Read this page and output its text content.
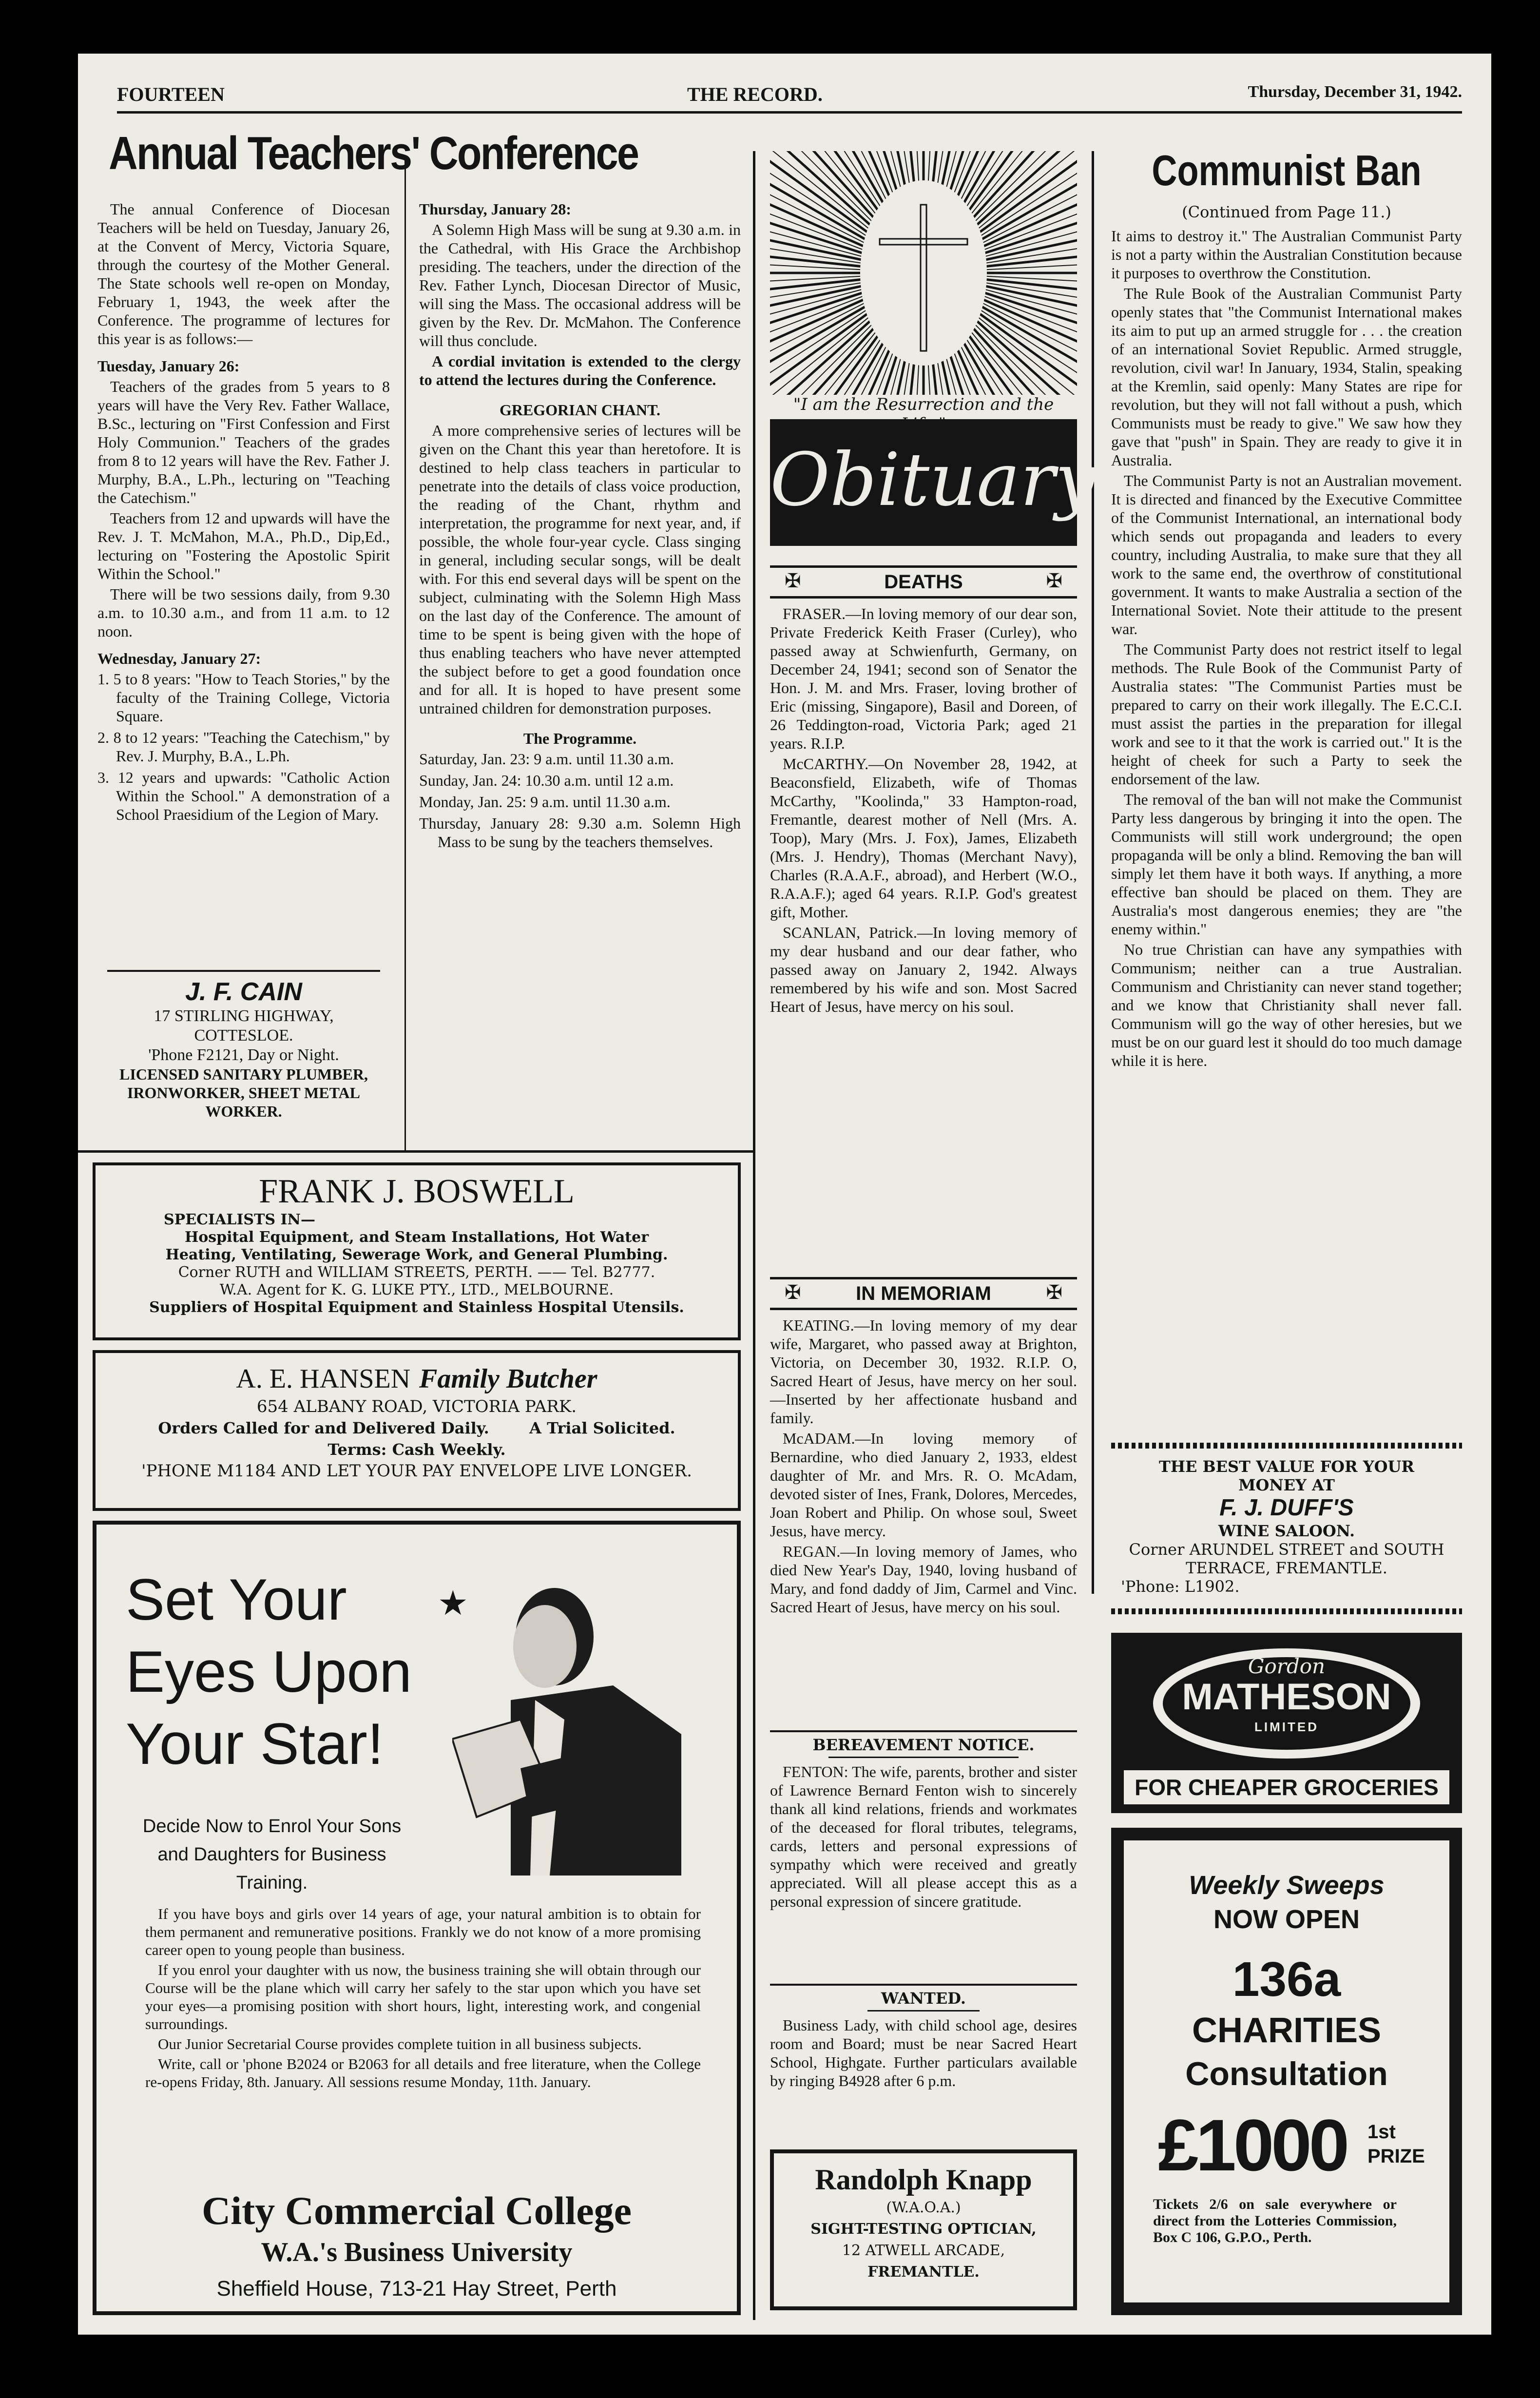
FOURTEEN	THE RECORD.	Thursday, December 31, 1942.
Annual Teachers' Conference

The annual Conference of Diocesan Teachers will be held on Tuesday, January 26, at the Convent of Mercy, Victoria Square, through the courtesy of the Mother General. The State schools well re-open on Monday, February 1, 1943, the week after the Conference. The programme of lectures for this year is as follows:—

Tuesday, January 26:

Teachers of the grades from 5 years to 8 years will have the Very Rev. Father Wallace, B.Sc., lecturing on "First Confession and First Holy Communion." Teachers of the grades from 8 to 12 years will have the Rev. Father J. Murphy, B.A., L.Ph., lecturing on "Teaching the Catechism."

Teachers from 12 and upwards will have the Rev. J. T. McMahon, M.A., Ph.D., Dip,Ed., lecturing on "Fostering the Apostolic Spirit Within the School."

There will be two sessions daily, from 9.30 a.m. to 10.30 a.m., and from 11 a.m. to 12 noon.

Wednesday, January 27:

1. 5 to 8 years: "How to Teach Stories," by the faculty of the Training College, Victoria Square.
2. 8 to 12 years: "Teaching the Catechism," by Rev. J. Murphy, B.A., L.Ph.
3. 12 years and upwards: "Catholic Action Within the School." A demonstration of a School Praesidium of the Legion of Mary.

Thursday, January 28:

A Solemn High Mass will be sung at 9.30 a.m. in the Cathedral, with His Grace the Archbishop presiding. The teachers, under the direction of the Rev. Father Lynch, Diocesan Director of Music, will sing the Mass. The occasional address will be given by the Rev. Dr. McMahon. The Conference will thus conclude.

A cordial invitation is extended to the clergy to attend the lectures during the Conference.

GREGORIAN CHANT.

A more comprehensive series of lectures will be given on the Chant this year than heretofore. It is destined to help class teachers in particular to penetrate into the details of class voice production, the reading of the Chant, rhythm and interpretation, the programme for next year, and, if possible, the whole four-year cycle. Class singing in general, including secular songs, will be dealt with. For this end several days will be spent on the subject, culminating with the Solemn High Mass on the last day of the Conference. The amount of time to be spent is being given with the hope of thus enabling teachers who have never attempted the subject before to get a good foundation once and for all. It is hoped to have present some untrained children for demonstration purposes.

The Programme.

Saturday, Jan. 23: 9 a.m. until 11.30 a.m.
Sunday, Jan. 24: 10.30 a.m. until 12 a.m.
Monday, Jan. 25: 9 a.m. until 11.30 a.m.
Thursday, January 28: 9.30 a.m. Solemn High Mass to be sung by the teachers themselves.
J. F. CAIN
17 STIRLING HIGHWAY,
COTTESLOE.
'Phone F2121, Day or Night.
LICENSED SANITARY PLUMBER, IRONWORKER, SHEET METAL WORKER.
FRANK J. BOSWELL
SPECIALISTS IN—
Hospital Equipment, and Steam Installations, Hot Water Heating, Ventilating, Sewerage Work, and General Plumbing.
Corner RUTH and WILLIAM STREETS, PERTH. —— Tel. B2777.
W.A. Agent for K. G. LUKE PTY., LTD., MELBOURNE.
Suppliers of Hospital Equipment and Stainless Hospital Utensils.
A. E. HANSEN Family Butcher
654 ALBANY ROAD, VICTORIA PARK.
Orders Called for and Delivered Daily.	A Trial Solicited.
Terms: Cash Weekly.
'PHONE M1184 AND LET YOUR PAY ENVELOPE LIVE LONGER.
Set Your
Eyes Upon
Your Star!
★
Decide Now to Enrol Your Sons and Daughters for Business Training.

If you have boys and girls over 14 years of age, your natural ambition is to obtain for them permanent and remunerative positions. Frankly we do not know of a more promising career open to young people than business.

If you enrol your daughter with us now, the business training she will obtain through our Course will be the plane which will carry her safely to the star upon which you have set your eyes—a promising position with short hours, light, interesting work, and congenial surroundings.

Our Junior Secretarial Course provides complete tuition in all business subjects.

Write, call or 'phone B2024 or B2063 for all details and free literature, when the College re-opens Friday, 8th. January. All sessions resume Monday, 11th. January.

City Commercial College
W.A.'s Business University
Sheffield House, 713-21 Hay Street, Perth
"I am the Resurrection and the
Obituary
✠	DEATHS	✠

FRASER.—In loving memory of our dear son, Private Frederick Keith Fraser (Curley), who passed away at Schwienfurth, Germany, on December 24, 1941; second son of Senator the Hon. J. M. and Mrs. Fraser, loving brother of Eric (missing, Singapore), Basil and Doreen, of 26 Teddington-road, Victoria Park; aged 21 years. R.I.P.

McCARTHY.—On November 28, 1942, at Beaconsfield, Elizabeth, wife of Thomas McCarthy, "Koolinda," 33 Hampton-road, Fremantle, dearest mother of Nell (Mrs. A. Toop), Mary (Mrs. J. Fox), James, Elizabeth (Mrs. J. Hendry), Thomas (Merchant Navy), Charles (R.A.A.F., abroad), and Herbert (W.O., R.A.A.F.); aged 64 years. R.I.P. God's greatest gift, Mother.

SCANLAN, Patrick.—In loving memory of my dear husband and our dear father, who passed away on January 2, 1942. Always remembered by his wife and son. Most Sacred Heart of Jesus, have mercy on his soul.

✠	IN MEMORIAM	✠

KEATING.—In loving memory of my dear wife, Margaret, who passed away at Brighton, Victoria, on December 30, 1932. R.I.P. O, Sacred Heart of Jesus, have mercy on her soul. —Inserted by her affectionate husband and family.

McADAM.—In loving memory of Bernardine, who died January 2, 1933, eldest daughter of Mr. and Mrs. R. O. McAdam, devoted sister of Ines, Frank, Dolores, Mercedes, Joan Robert and Philip. On whose soul, Sweet Jesus, have mercy.

REGAN.—In loving memory of James, who died New Year's Day, 1940, loving husband of Mary, and fond daddy of Jim, Carmel and Vinc. Sacred Heart of Jesus, have mercy on his soul.

BEREAVEMENT NOTICE.

FENTON: The wife, parents, brother and sister of Lawrence Bernard Fenton wish to sincerely thank all kind relations, friends and workmates of the deceased for floral tributes, telegrams, cards, letters and personal expressions of sympathy which were received and greatly appreciated. Will all please accept this as a personal expression of sincere gratitude.

WANTED.

Business Lady, with child school age, desires room and Board; must be near Sacred Heart School, Highgate. Further particulars available by ringing B4928 after 6 p.m.

Randolph Knapp
(W.A.O.A.)
SIGHT-TESTING OPTICIAN,
12 ATWELL ARCADE,
FREMANTLE.
Communist Ban
(Continued from Page 11.)

It aims to destroy it." The Australian Communist Party is not a party within the Australian Constitution because it purposes to overthrow the Constitution.

The Rule Book of the Australian Communist Party openly states that "the Communist International makes its aim to put up an armed struggle for . . . the creation of an international Soviet Republic. Armed struggle, revolution, civil war! In January, 1934, Stalin, speaking at the Kremlin, said openly: Many States are ripe for revolution, but they will not fall without a push, which Communists must be ready to give." We saw how they gave that "push" in Spain. They are ready to give it in Australia.

The Communist Party is not an Australian movement. It is directed and financed by the Executive Committee of the Communist International, an international body which sends out propaganda and leaders to every country, including Australia, to make sure that they all work to the same end, the overthrow of constitutional government. It wants to make Australia a section of the International Soviet. Note their attitude to the present war.

The Communist Party does not restrict itself to legal methods. The Rule Book of the Communist Party of Australia states: "The Communist Parties must be prepared to carry on their work illegally. The E.C.C.I. must assist the parties in the preparation for illegal work and see to it that the work is carried out." It is the height of cheek for such a Party to seek the endorsement of the law.

The removal of the ban will not make the Communist Party less dangerous by bringing it into the open. The Communists will still work underground; the open propaganda will be only a blind. Removing the ban will simply let them have it both ways. If anything, a more effective ban should be placed on them. They are Australia's most dangerous enemies; they are "the enemy within."

No true Christian can have any sympathies with Communism; neither can a true Australian. Communism and Christianity can never stand together; and we know that Christianity shall never fall. Communism will go the way of other heresies, but we must be on our guard lest it should do too much damage while it is here.

THE BEST VALUE FOR YOUR MONEY AT
F. J. DUFF'S
WINE SALOON.
Corner ARUNDEL STREET and SOUTH TERRACE, FREMANTLE.
'Phone: L1902.
Gordon
MATHESON
LIMITED
FOR CHEAPER GROCERIES
Weekly Sweeps
NOW OPEN
136a
CHARITIES
Consultation
£1000 1st
PRIZE
Tickets 2/6 on sale everywhere or direct from the Lotteries Commission, Box C 106, G.P.O., Perth.
